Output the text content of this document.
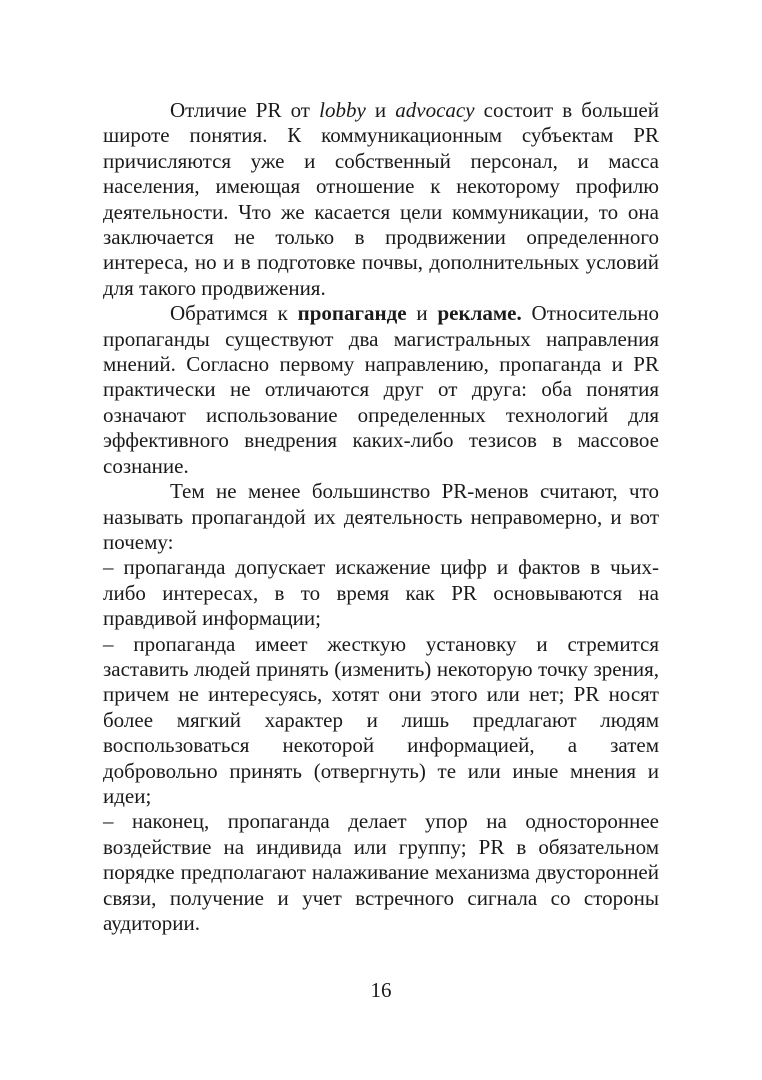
Отличие PR от lobby и advocacy состоит в большей широте понятия. К коммуникационным субъектам PR причисляются уже и собственный персонал, и масса населения, имеющая отношение к некоторому профилю деятельности. Что же касается цели коммуникации, то она заключается не только в продвижении определенного интереса, но и в подготовке почвы, дополнительных условий для такого продвижения.

Обратимся к пропаганде и рекламе. Относительно пропаганды существуют два магистральных направления мнений. Согласно первому направлению, пропаганда и PR практически не отличаются друг от друга: оба понятия означают использование определенных технологий для эффективного внедрения каких-либо тезисов в массовое сознание.

Тем не менее большинство PR-менов считают, что называть пропагандой их деятельность неправомерно, и вот почему:

– пропаганда допускает искажение цифр и фактов в чьих-либо интересах, в то время как PR основываются на правдивой информации;

– пропаганда имеет жесткую установку и стремится заставить людей принять (изменить) некоторую точку зрения, причем не интересуясь, хотят они этого или нет; PR носят более мягкий характер и лишь предлагают людям воспользоваться некоторой информацией, а затем добровольно принять (отвергнуть) те или иные мнения и идеи;

– наконец, пропаганда делает упор на одностороннее воздействие на индивида или группу; PR в обязательном порядке предполагают налаживание механизма двусторонней связи, получение и учет встречного сигнала со стороны аудитории.

16
